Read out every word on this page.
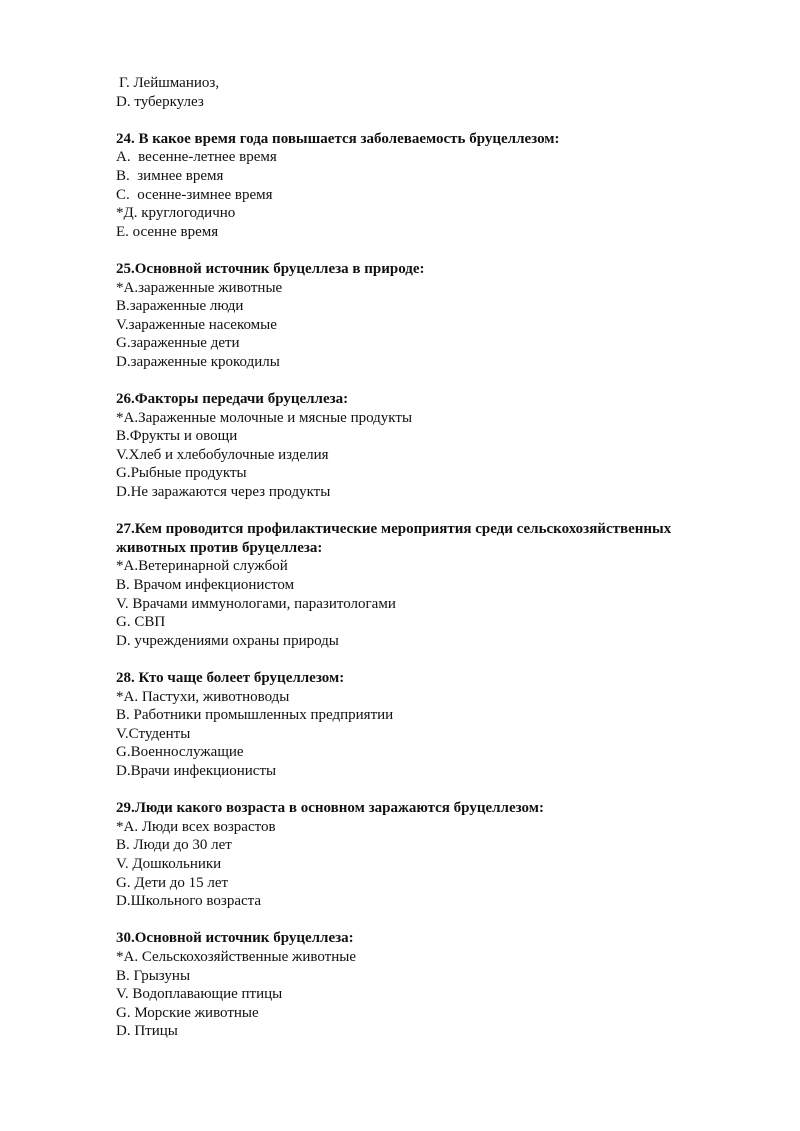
Г. Лейшманиоз,

D. туберкулез

24. В какое время года повышается заболеваемость бруцеллезом:

A.  весенне-летнее время

B.  зимнее время

C.  осенне-зимнее время

*Д. круглогодично

E. осенне время

25.Основной источник бруцеллеза в природе:

*A.зараженные животные

B.зараженные люди

V.зараженные насекомые

G.зараженные дети

D.зараженные крокодилы

26.Факторы передачи бруцеллеза:

*A.Зараженные молочные и мясные продукты

B.Фрукты и овощи

V.Хлеб и хлебобулочные изделия

G.Рыбные продукты

D.Не заражаются через продукты

27.Кем проводится профилактические мероприятия среди сельскохозяйственных животных против бруцеллеза:

*A.Ветеринарной службой

B. Врачом инфекционистом

V. Врачами иммунологами, паразитологами

G. СВП

D. учреждениями охраны природы

28. Кто чаще болеет бруцеллезом:

*A. Пастухи, животноводы

B. Работники промышленных предприятии

V.Студенты

G.Военнослужащие

D.Врачи инфекционисты

29.Люди какого возраста в основном заражаются бруцеллезом:

*A. Люди всех возрастов

B. Люди до 30 лет

V. Дошкольники

G. Дети до 15 лет

D.Школьного возраста

30.Основной источник бруцеллеза:

*A. Сельскохозяйственные животные

B. Грызуны

V. Водоплавающие птицы

G. Морские животные

D. Птицы
